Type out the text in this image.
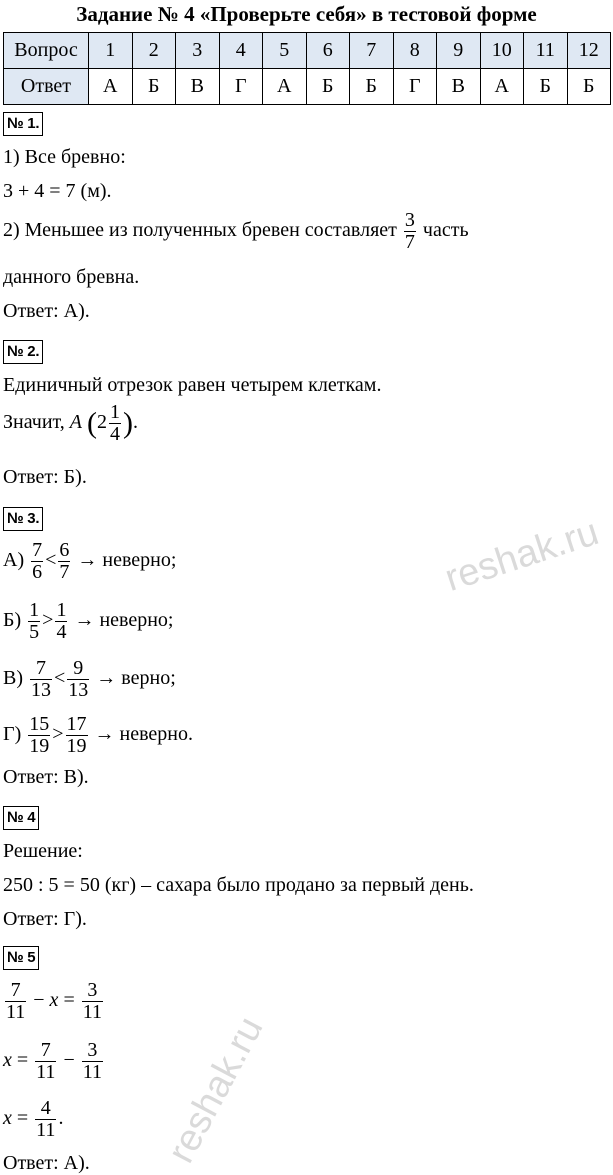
Задание № 4 «Проверьте себя» в тестовой форме
Вопрос	1	2	3	4	5	6	7	8	9	10	11	12
Ответ	А	Б	В	Г	А	Б	Б	Г	В	А	Б	Б
№ 1.
1) Все бревно:
3 + 4 = 7 (м).
2) Меньшее из полученных бревен составляет $\frac{3}{7}$ часть
данного бревна.
Ответ: А).
№ 2.
Единичный отрезок равен четырем клеткам.
Значит, A ($2 \frac{1}{4}$ ).
Ответ: Б).
№ 3.
$А) \frac{7}{6} < \frac{6}{7}$ → неверно;
$Б) \frac{1}{5} > \frac{1}{4}$ → неверно;
$В) \frac{7}{13} < \frac{9}{13}$ → верно;
$Г) \frac{15}{19} > \frac{17}{19}$ → неверно.
Ответ: В).
№ 4
Решение:
250 : 5 = 50 (кг) – сахара было продано за первый день.
Ответ: Г).
№ 5
$\frac{7}{11} - x = \frac{3}{11}$
$x = \frac{7}{11} - \frac{3}{11}$
$x = \frac{4}{11}$ .
Ответ: А).
reshak.ru
reshak.ru
